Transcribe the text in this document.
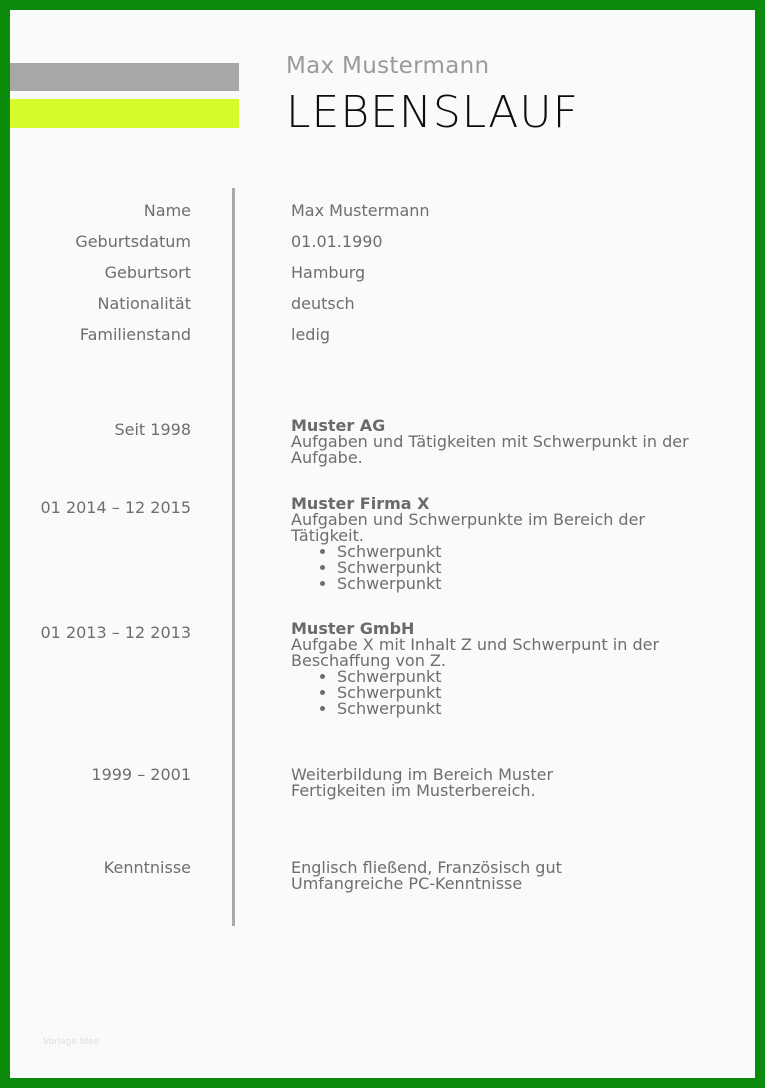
Max Mustermann
LEBENSLAUF
Name	Max Mustermann
Geburtsdatum	01.01.1990
Geburtsort	Hamburg
Nationalität	deutsch
Familienstand	ledig
Seit 1998	Muster AG
Aufgaben und Tätigkeiten mit Schwerpunkt in der Aufgabe.
01 2014 – 12 2015	Muster Firma X
Aufgaben und Schwerpunkte im Bereich der Tätigkeit.
• Schwerpunkt
• Schwerpunkt
• Schwerpunkt
01 2013 – 12 2013	Muster GmbH
Aufgabe X mit Inhalt Z und Schwerpunt in der Beschaffung von Z.
• Schwerpunkt
• Schwerpunkt
• Schwerpunkt
1999 – 2001	Weiterbildung im Bereich Muster
Fertigkeiten im Musterbereich.
Kenntnisse	Englisch fließend, Französisch gut
Umfangreiche PC-Kenntnisse
Vorlage.Idee
